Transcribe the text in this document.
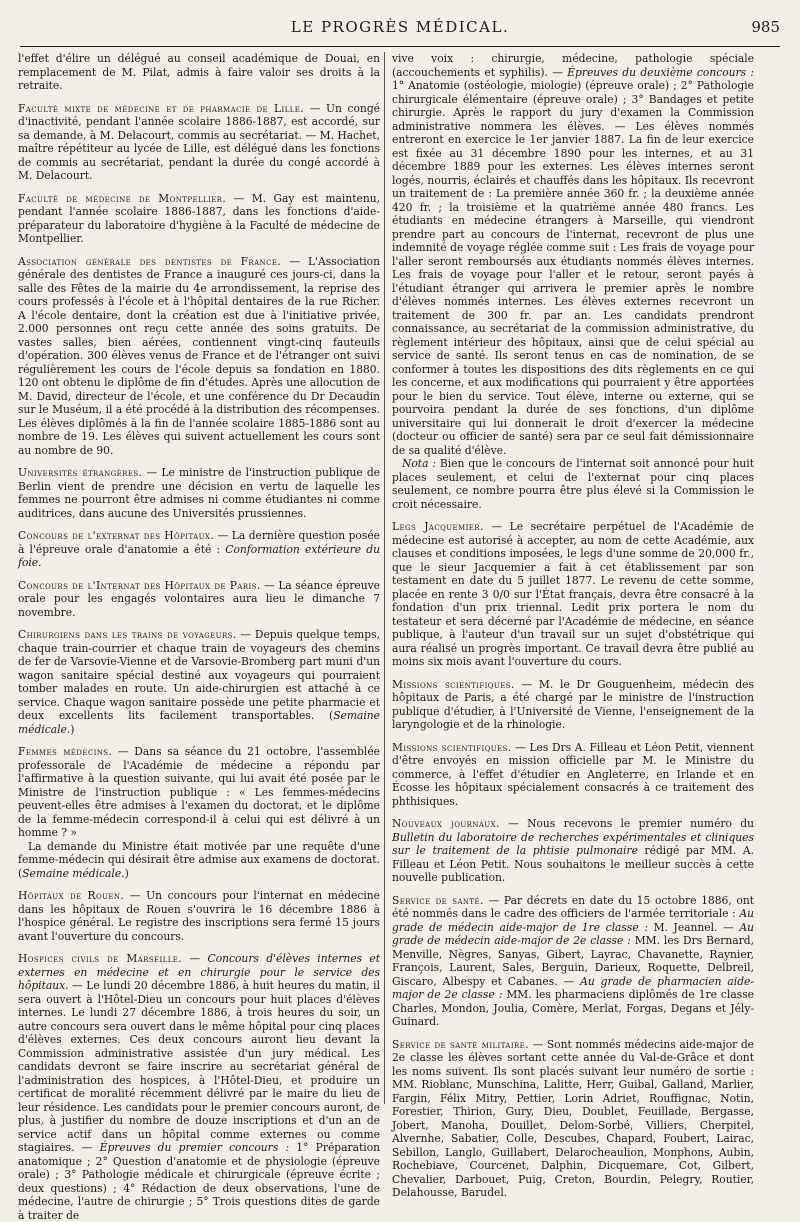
LE PROGRÈS MÉDICAL.	985

l'effet d'élire un délégué au conseil académique de Douai, en remplacement de M. Pilat, admis à faire valoir ses droits à la retraite.

Faculté mixte de médecine et de pharmacie de Lille. — Un congé d'inactivité, pendant l'année scolaire 1886-1887, est accordé, sur sa demande, à M. Delacourt, commis au secrétariat. — M. Hachet, maître répétiteur au lycée de Lille, est délégué dans les fonctions de commis au secrétariat, pendant la durée du congé accordé à M. Delacourt.

Faculté de médecine de Montpellier. — M. Gay est maintenu, pendant l'année scolaire 1886-1887, dans les fonctions d'aide-préparateur du laboratoire d'hygiène à la Faculté de médecine de Montpellier.

Association générale des dentistes de France. — L'Association générale des dentistes de France a inauguré ces jours-ci, dans la salle des Fêtes de la mairie du 4e arrondissement, la reprise des cours professés à l'école et à l'hôpital dentaires de la rue Richer. A l'école dentaire, dont la création est due à l'initiative privée, 2.000 personnes ont reçu cette année des soins gratuits. De vastes salles, bien aérées, contiennent vingt-cinq fauteuils d'opération. 300 élèves venus de France et de l'étranger ont suivi régulièrement les cours de l'école depuis sa fondation en 1880. 120 ont obtenu le diplôme de fin d'études. Après une allocution de M. David, directeur de l'école, et une conférence du Dr Decaudin sur le Muséum, il a été procédé à la distribution des récompenses. Les élèves diplômés à la fin de l'année scolaire 1885-1886 sont au nombre de 19. Les élèves qui suivent actuellement les cours sont au nombre de 90.

Universités étrangères. — Le ministre de l'instruction publique de Berlin vient de prendre une décision en vertu de laquelle les femmes ne pourront être admises ni comme étudiantes ni comme auditrices, dans aucune des Universités prussiennes.

Concours de l'externat des Hôpitaux. — La dernière question posée à l'épreuve orale d'anatomie a été : Conformation extérieure du foie.

Concours de l'Internat des Hôpitaux de Paris. — La séance épreuve orale pour les engagés volontaires aura lieu le dimanche 7 novembre.

Chirurgiens dans les trains de voyageurs. — Depuis quelque temps, chaque train-courrier et chaque train de voyageurs des chemins de fer de Varsovie-Vienne et de Varsovie-Bromberg part muni d'un wagon sanitaire spécial destiné aux voyageurs qui pourraient tomber malades en route. Un aide-chirurgien est attaché à ce service. Chaque wagon sanitaire possède une petite pharmacie et deux excellents lits facilement transportables. (Semaine médicale.)

Femmes médecins. — Dans sa séance du 21 octobre, l'assemblée professorale de l'Académie de médecine a répondu par l'affirmative à la question suivante, qui lui avait été posée par le Ministre de l'instruction publique : « Les femmes-médecins peuvent-elles être admises à l'examen du doctorat, et le diplôme de la femme-médecin correspond-il à celui qui est délivré à un homme ? »

La demande du Ministre était motivée par une requête d'une femme-médecin qui désirait être admise aux examens de doctorat. (Semaine médicale.)

Hôpitaux de Rouen. — Un concours pour l'internat en médecine dans les hôpitaux de Rouen s'ouvrira le 16 décembre 1886 à l'hospice général. Le registre des inscriptions sera fermé 15 jours avant l'ouverture du concours.

Hospices civils de Marseille. — Concours d'élèves internes et externes en médecine et en chirurgie pour le service des hôpitaux. — Le lundi 20 décembre 1886, à huit heures du matin, il sera ouvert à l'Hôtel-Dieu un concours pour huit places d'élèves internes. Le lundi 27 décembre 1886, à trois heures du soir, un autre concours sera ouvert dans le même hôpital pour cinq places d'élèves externes. Ces deux concours auront lieu devant la Commission administrative assistée d'un jury médical. Les candidats devront se faire inscrire au secrétariat général de l'administration des hospices, à l'Hôtel-Dieu, et produire un certificat de moralité récemment délivré par le maire du lieu de leur résidence. Les candidats pour le premier concours auront, de plus, à justifier du nombre de douze inscriptions et d'un an de service actif dans un hôpital comme externes ou comme stagiaires. — Épreuves du premier concours : 1° Préparation anatomique ; 2° Question d'anatomie et de physiologie (épreuve orale) ; 3° Pathologie médicale et chirurgicale (épreuve écrite ; deux questions) ; 4° Rédaction de deux observations, l'une de médecine, l'autre de chirurgie ; 5° Trois questions dites de garde à traiter de

vive voix : chirurgie, médecine, pathologie spéciale (accouchements et syphilis). — Épreuves du deuxième concours : 1° Anatomie (ostéologie, miologie) (épreuve orale) ; 2° Pathologie chirurgicale élémentaire (épreuve orale) ; 3° Bandages et petite chirurgie. Après le rapport du jury d'examen la Commission administrative nommera les élèves. — Les élèves nommés entreront en exercice le 1er janvier 1887. La fin de leur exercice est fixée au 31 décembre 1890 pour les internes, et au 31 décembre 1889 pour les externes. Les élèves internes seront logés, nourris, éclairés et chauffés dans les hôpitaux. Ils recevront un traitement de : La première année 360 fr. ; la deuxième année 420 fr. ; la troisième et la quatrième année 480 francs. Les étudiants en médecine étrangers à Marseille, qui viendront prendre part au concours de l'internat, recevront de plus une indemnité de voyage réglée comme suit : Les frais de voyage pour l'aller seront remboursés aux étudiants nommés élèves internes. Les frais de voyage pour l'aller et le retour, seront payés à l'étudiant étranger qui arrivera le premier après le nombre d'élèves nommés internes. Les élèves externes recevront un traitement de 300 fr. par an. Les candidats prendront connaissance, au secrétariat de la commission administrative, du règlement intérieur des hôpitaux, ainsi que de celui spécial au service de santé. Ils seront tenus en cas de nomination, de se conformer à toutes les dispositions des dits règlements en ce qui les concerne, et aux modifications qui pourraient y être apportées pour le bien du service. Tout élève, interne ou externe, qui se pourvoira pendant la durée de ses fonctions, d'un diplôme universitaire qui lui donnerait le droit d'exercer la médecine (docteur ou officier de santé) sera par ce seul fait démissionnaire de sa qualité d'élève.

Nota : Bien que le concours de l'internat soit annoncé pour huit places seulement, et celui de l'externat pour cinq places seulement, ce nombre pourra être plus élevé si la Commission le croit nécessaire.

Legs Jacquemier. — Le secrétaire perpétuel de l'Académie de médecine est autorisé à accepter, au nom de cette Académie, aux clauses et conditions imposées, le legs d'une somme de 20,000 fr., que le sieur Jacquemier a fait à cet établissement par son testament en date du 5 juillet 1877. Le revenu de cette somme, placée en rente 3 0/0 sur l'État français, devra être consacré à la fondation d'un prix triennal. Ledit prix portera le nom du testateur et sera décerné par l'Académie de médecine, en séance publique, à l'auteur d'un travail sur un sujet d'obstétrique qui aura réalisé un progrès important. Ce travail devra être publié au moins six mois avant l'ouverture du cours.

Missions scientifiques. — M. le Dr Gouguenheim, médecin des hôpitaux de Paris, a été chargé par le ministre de l'instruction publique d'étudier, à l'Université de Vienne, l'enseignement de la laryngologie et de la rhinologie.

Missions scientifiques. — Les Drs A. Filleau et Léon Petit, viennent d'être envoyés en mission officielle par M. le Ministre du commerce, à l'effet d'étudier en Angleterre, en Irlande et en Écosse les hôpitaux spécialement consacrés à ce traitement des phthisiques.

Nouveaux journaux. — Nous recevons le premier numéro du Bulletin du laboratoire de recherches expérimentales et cliniques sur le traitement de la phtisie pulmonaire rédigé par MM. A. Filleau et Léon Petit. Nous souhaitons le meilleur succès à cette nouvelle publication.

Service de santé. — Par décrets en date du 15 octobre 1886, ont été nommés dans le cadre des officiers de l'armée territoriale : Au grade de médecin aide-major de 1re classe : M. Jeannel. — Au grade de médecin aide-major de 2e classe : MM. les Drs Bernard, Menville, Nègres, Sanyas, Gibert, Layrac, Chavanette, Raynier, François, Laurent, Sales, Berguin, Darieux, Roquette, Delbreil, Giscaro, Albespy et Cabanes. — Au grade de pharmacien aide-major de 2e classe : MM. les pharmaciens diplômés de 1re classe Charles, Mondon, Joulia, Comère, Merlat, Forgas, Degans et Jély-Guinard.

Service de santé militaire. — Sont nommés médecins aide-major de 2e classe les élèves sortant cette année du Val-de-Grâce et dont les noms suivent. Ils sont placés suivant leur numéro de sortie : MM. Rioblanc, Munschina, Lalitte, Herr, Guibal, Galland, Marlier, Fargin, Félix Mitry, Pettier, Lorin Adriet, Rouffignac, Notin, Forestier, Thirion, Gury, Dieu, Doublet, Feuillade, Bergasse, Jobert, Manoha, Douillet, Delom-Sorbé, Villiers, Cherpitel, Alvernhe, Sabatier, Colle, Descubes, Chapard, Foubert, Lairac, Sebillon, Langlo, Guillabert, Delarocheaulion, Monphons, Aubin, Rochebiave, Courcenet, Dalphin, Dicquemare, Cot, Gilbert, Chevalier, Darbouet, Puig, Creton, Bourdin, Pelegry, Routier, Delahousse, Barudel.
